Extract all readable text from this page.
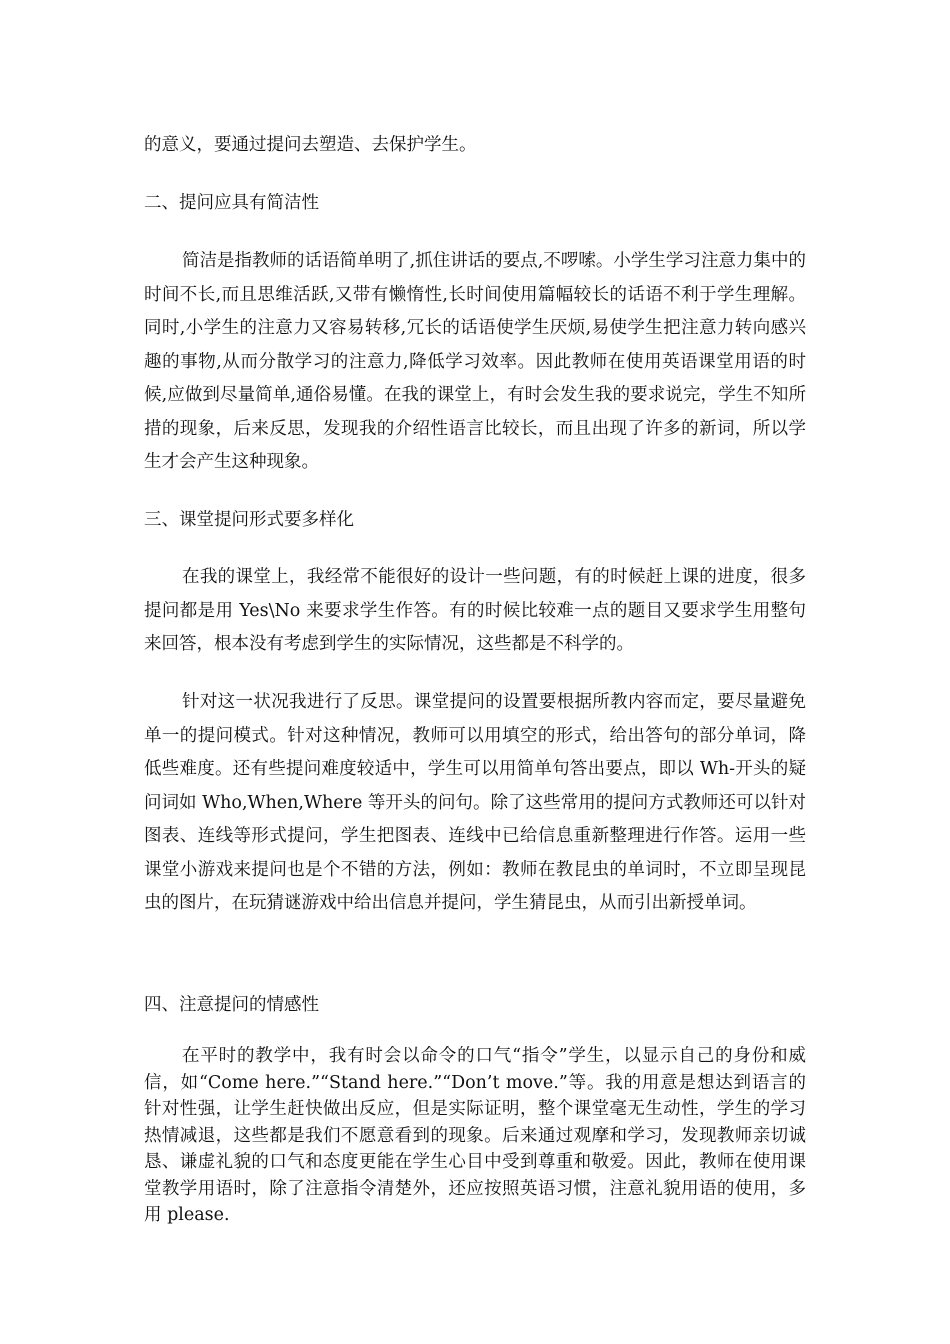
的意义，要通过提问去塑造、去保护学生。

二、提问应具有简洁性

简洁是指教师的话语简单明了,抓住讲话的要点,不啰嗦。小学生学习注意力集中的时间不长,而且思维活跃,又带有懒惰性,长时间使用篇幅较长的话语不利于学生理解。同时,小学生的注意力又容易转移,冗长的话语使学生厌烦,易使学生把注意力转向感兴趣的事物,从而分散学习的注意力,降低学习效率。因此教师在使用英语课堂用语的时候,应做到尽量简单,通俗易懂。在我的课堂上，有时会发生我的要求说完，学生不知所措的现象，后来反思，发现我的介绍性语言比较长，而且出现了许多的新词，所以学生才会产生这种现象。

三、课堂提问形式要多样化

在我的课堂上，我经常不能很好的设计一些问题，有的时候赶上课的进度，很多提问都是用 Yes\No 来要求学生作答。有的时候比较难一点的题目又要求学生用整句来回答，根本没有考虑到学生的实际情况，这些都是不科学的。

针对这一状况我进行了反思。课堂提问的设置要根据所教内容而定，要尽量避免单一的提问模式。针对这种情况，教师可以用填空的形式，给出答句的部分单词，降低些难度。还有些提问难度较适中，学生可以用简单句答出要点，即以 Wh-开头的疑问词如 Who,When,Where 等开头的问句。除了这些常用的提问方式教师还可以针对图表、连线等形式提问，学生把图表、连线中已给信息重新整理进行作答。运用一些课堂小游戏来提问也是个不错的方法，例如：教师在教昆虫的单词时，不立即呈现昆虫的图片，在玩猜谜游戏中给出信息并提问，学生猜昆虫，从而引出新授单词。

四、注意提问的情感性

在平时的教学中，我有时会以命令的口气“指令”学生，以显示自己的身份和威信，如“Come here.”“Stand here.”“Don’t move.”等。我的用意是想达到语言的针对性强，让学生赶快做出反应，但是实际证明，整个课堂毫无生动性，学生的学习热情减退，这些都是我们不愿意看到的现象。后来通过观摩和学习，发现教师亲切诚恳、谦虚礼貌的口气和态度更能在学生心目中受到尊重和敬爱。因此，教师在使用课堂教学用语时，除了注意指令清楚外，还应按照英语习惯，注意礼貌用语的使用，多用 please.
